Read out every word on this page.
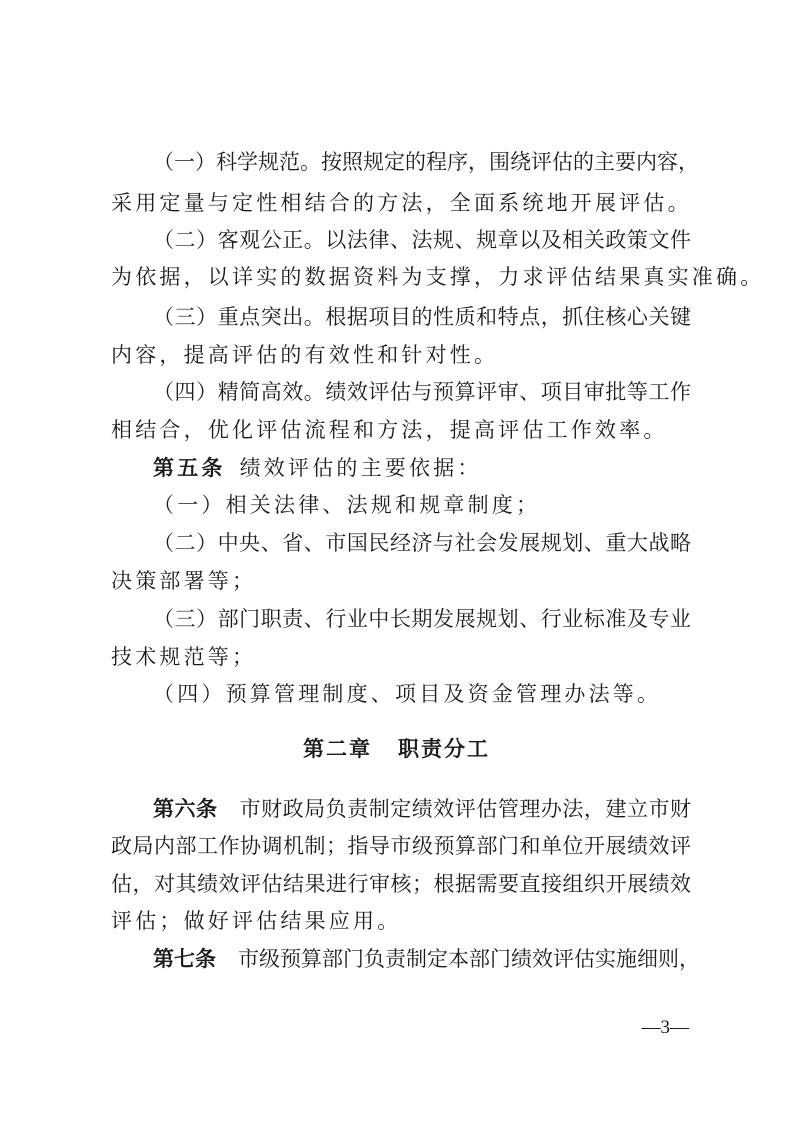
（一）科学规范。按照规定的程序，围绕评估的主要内容，
采用定量与定性相结合的方法，全面系统地开展评估。
（二）客观公正。以法律、法规、规章以及相关政策文件
为依据，以详实的数据资料为支撑，力求评估结果真实准确。
（三）重点突出。根据项目的性质和特点，抓住核心关键
内容，提高评估的有效性和针对性。
（四）精简高效。绩效评估与预算评审、项目审批等工作
相结合，优化评估流程和方法，提高评估工作效率。
第五条 绩效评估的主要依据：
（一）相关法律、法规和规章制度；
（二）中央、省、市国民经济与社会发展规划、重大战略
决策部署等；
（三）部门职责、行业中长期发展规划、行业标准及专业
技术规范等；
（四）预算管理制度、项目及资金管理办法等。
第二章 职责分工
第六条 市财政局负责制定绩效评估管理办法，建立市财
政局内部工作协调机制；指导市级预算部门和单位开展绩效评
估，对其绩效评估结果进行审核；根据需要直接组织开展绩效
评估；做好评估结果应用。
第七条 市级预算部门负责制定本部门绩效评估实施细则，
—3—
